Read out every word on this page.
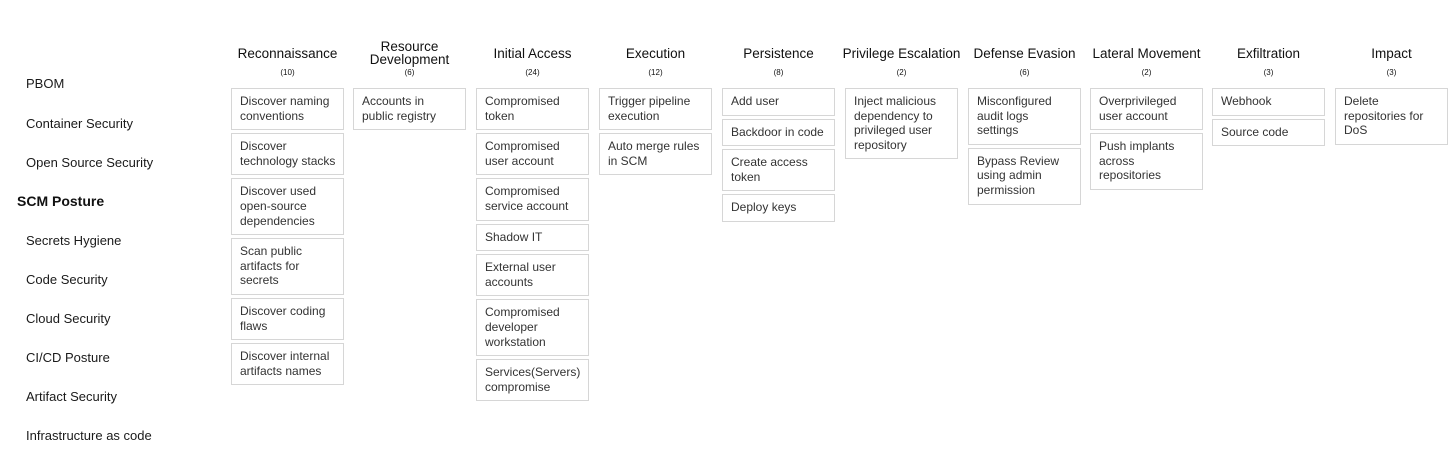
PBOM
Container Security
Open Source Security
SCM Posture
Secrets Hygiene
Code Security
Cloud Security
CI/CD Posture
Artifact Security
Infrastructure as code
Reconnaissance
(10)
Discover naming conventions
Discover technology stacks
Discover used open-source dependencies
Scan public artifacts for secrets
Discover coding flaws
Discover internal artifacts names
Resource Development
(6)
Accounts in public registry
Initial Access
(24)
Compromised token
Compromised user account
Compromised service account
Shadow IT
External user accounts
Compromised developer workstation
Services(Servers) compromise
Execution
(12)
Trigger pipeline execution
Auto merge rules in SCM
Persistence
(8)
Add user
Backdoor in code
Create access token
Deploy keys
Privilege Escalation
(2)
Inject malicious dependency to privileged user repository
Defense Evasion
(6)
Misconfigured audit logs settings
Bypass Review using admin permission
Lateral Movement
(2)
Overprivileged user account
Push implants across repositories
Exfiltration
(3)
Webhook
Source code
Impact
(3)
Delete repositories for DoS
